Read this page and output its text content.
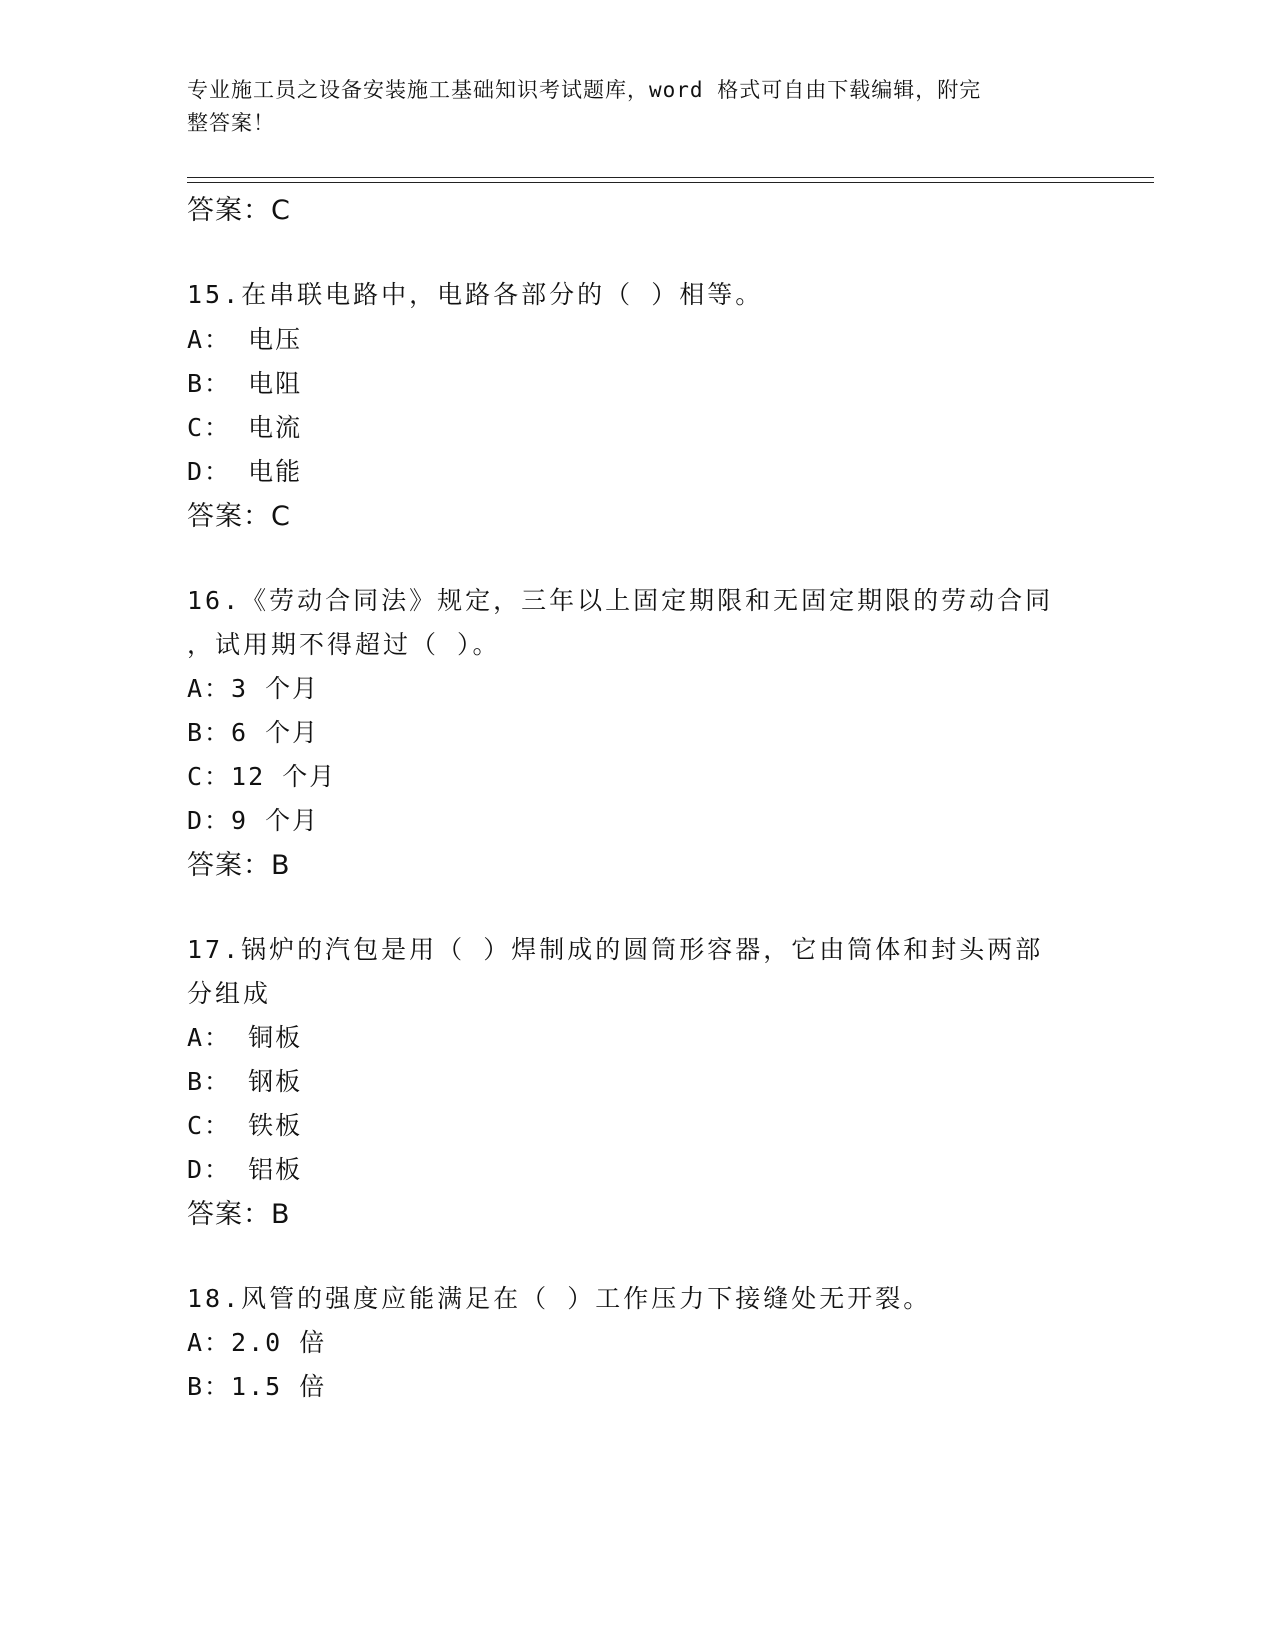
专业施工员之设备安装施工基础知识考试题库，word 格式可自由下载编辑，附完
整答案！
答案：C
15.在串联电路中，电路各部分的（ ）相等。
A： 电压
B： 电阻
C： 电流
D： 电能
答案：C
16.《劳动合同法》规定，三年以上固定期限和无固定期限的劳动合同
，试用期不得超过（ ）。
A：3 个月
B：6 个月
C：12 个月
D：9 个月
答案：B
17.锅炉的汽包是用（ ）焊制成的圆筒形容器，它由筒体和封头两部
分组成
A： 铜板
B： 钢板
C： 铁板
D： 铝板
答案：B
18.风管的强度应能满足在（ ）工作压力下接缝处无开裂。
A：2.0 倍
B：1.5 倍
